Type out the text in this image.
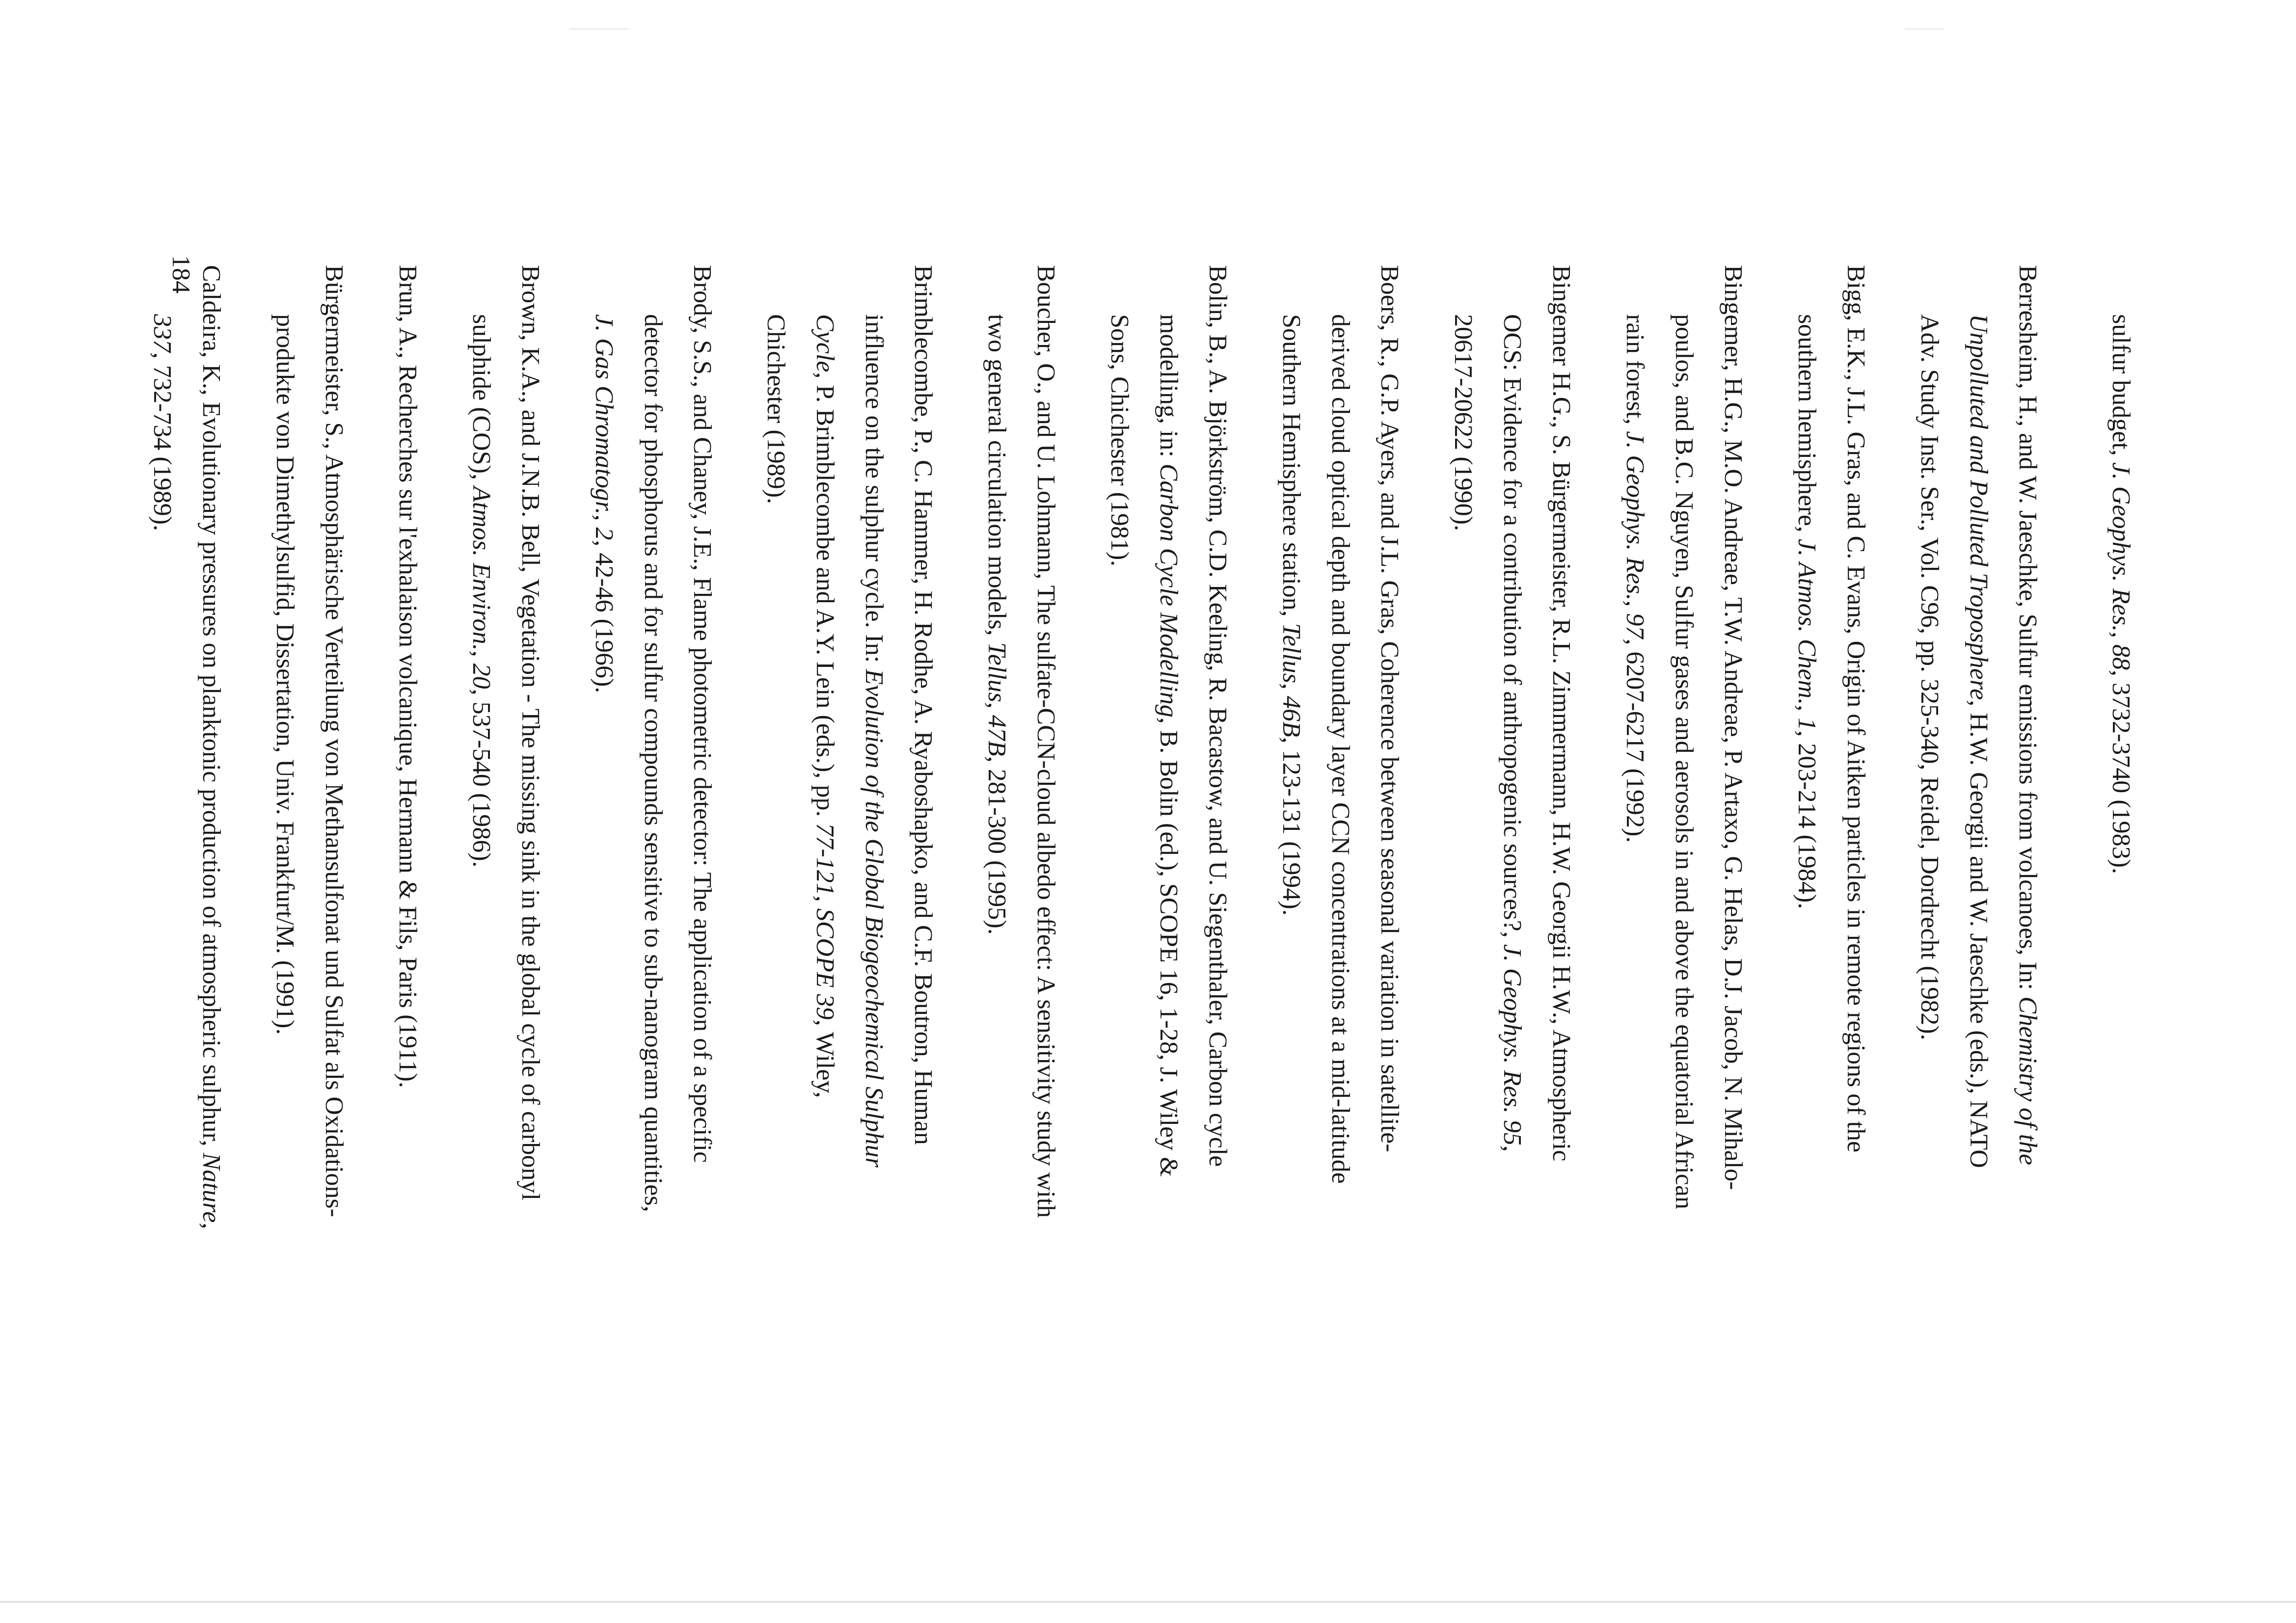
184
sulfur budget, J. Geophys. Res., 88, 3732-3740 (1983).
Berresheim, H., and W. Jaeschke, Sulfur emissions from volcanoes, In: Chemistry of the
Unpolluted and Polluted Troposphere, H.W. Georgii and W. Jaeschke (eds.), NATO
Adv. Study Inst. Ser., Vol. C96, pp. 325-340, Reidel, Dordrecht (1982).
Bigg, E.K., J.L. Gras, and C. Evans, Origin of Aitken particles in remote regions of the
southern hemisphere, J. Atmos. Chem., 1, 203-214 (1984).
Bingemer, H.G., M.O. Andreae, T.W. Andreae, P. Artaxo, G. Helas, D.J. Jacob, N. Mihalo-
poulos, and B.C. Nguyen, Sulfur gases and aerosols in and above the equatorial African
rain forest, J. Geophys. Res., 97, 6207-6217 (1992).
Bingemer H.G., S. Bürgermeister, R.L. Zimmermann, H.W. Georgii H.W., Atmospheric
OCS: Evidence for a contribution of anthropogenic sources?, J. Geophys. Res. 95,
20617-20622 (1990).
Boers, R., G.P. Ayers, and J.L. Gras, Coherence between seasonal variation in satellite-
derived cloud optical depth and boundary layer CCN concentrations at a mid-latitude
Southern Hemisphere station, Tellus, 46B, 123-131 (1994).
Bolin, B., A. Björkström, C.D. Keeling, R. Bacastow, and U. Siegenthaler, Carbon cycle
modelling, in: Carbon Cycle Modelling, B. Bolin (ed.), SCOPE 16, 1-28, J. Wiley &
Sons, Chichester (1981).
Boucher, O., and U. Lohmann, The sulfate-CCN-cloud albedo effect: A sensitivity study with
two general circulation models, Tellus, 47B, 281-300 (1995).
Brimblecombe, P., C. Hammer, H. Rodhe, A. Ryaboshapko, and C.F. Boutron, Human
influence on the sulphur cycle. In: Evolution of the Global Biogeochemical Sulphur
Cycle, P. Brimblecombe and A.Y. Lein (eds.), pp. 77-121, SCOPE 39, Wiley,
Chichester (1989).
Brody, S.S., and Chaney, J.E., Flame photometric detector: The application of a specific
detector for phosphorus and for sulfur compounds sensitive to sub-nanogram quantities,
J. Gas Chromatogr., 2, 42-46 (1966).
Brown, K.A., and J.N.B. Bell, Vegetation - The missing sink in the global cycle of carbonyl
sulphide (COS), Atmos. Environ., 20, 537-540 (1986).
Brun, A., Recherches sur l'exhalaison volcanique, Hermann & Fils, Paris (1911).
Bürgermeister, S., Atmosphärische Verteilung von Methansulfonat und Sulfat als Oxidations-
produkte von Dimethylsulfid, Dissertation, Univ. Frankfurt/M. (1991).
Caldeira, K., Evolutionary pressures on planktonic production of atmospheric sulphur, Nature,
337, 732-734 (1989).
